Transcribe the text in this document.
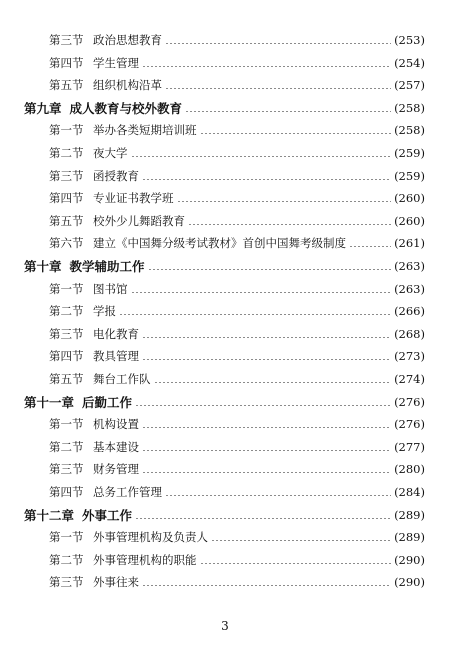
第三节 政治思想教育	(253)
第四节 学生管理	(254)
第五节 组织机构沿革	(257)
第九章 成人教育与校外教育	(258)
第一节 举办各类短期培训班	(258)
第二节 夜大学	(259)
第三节 函授教育	(259)
第四节 专业证书教学班	(260)
第五节 校外少儿舞蹈教育	(260)
第六节 建立《中国舞分级考试教材》首创中国舞考级制度	(261)
第十章 教学辅助工作	(263)
第一节 图书馆	(263)
第二节 学报	(266)
第三节 电化教育	(268)
第四节 教具管理	(273)
第五节 舞台工作队	(274)
第十一章 后勤工作	(276)
第一节 机构设置	(276)
第二节 基本建设	(277)
第三节 财务管理	(280)
第四节 总务工作管理	(284)
第十二章 外事工作	(289)
第一节 外事管理机构及负责人	(289)
第二节 外事管理机构的职能	(290)
第三节 外事往来	(290)
3
